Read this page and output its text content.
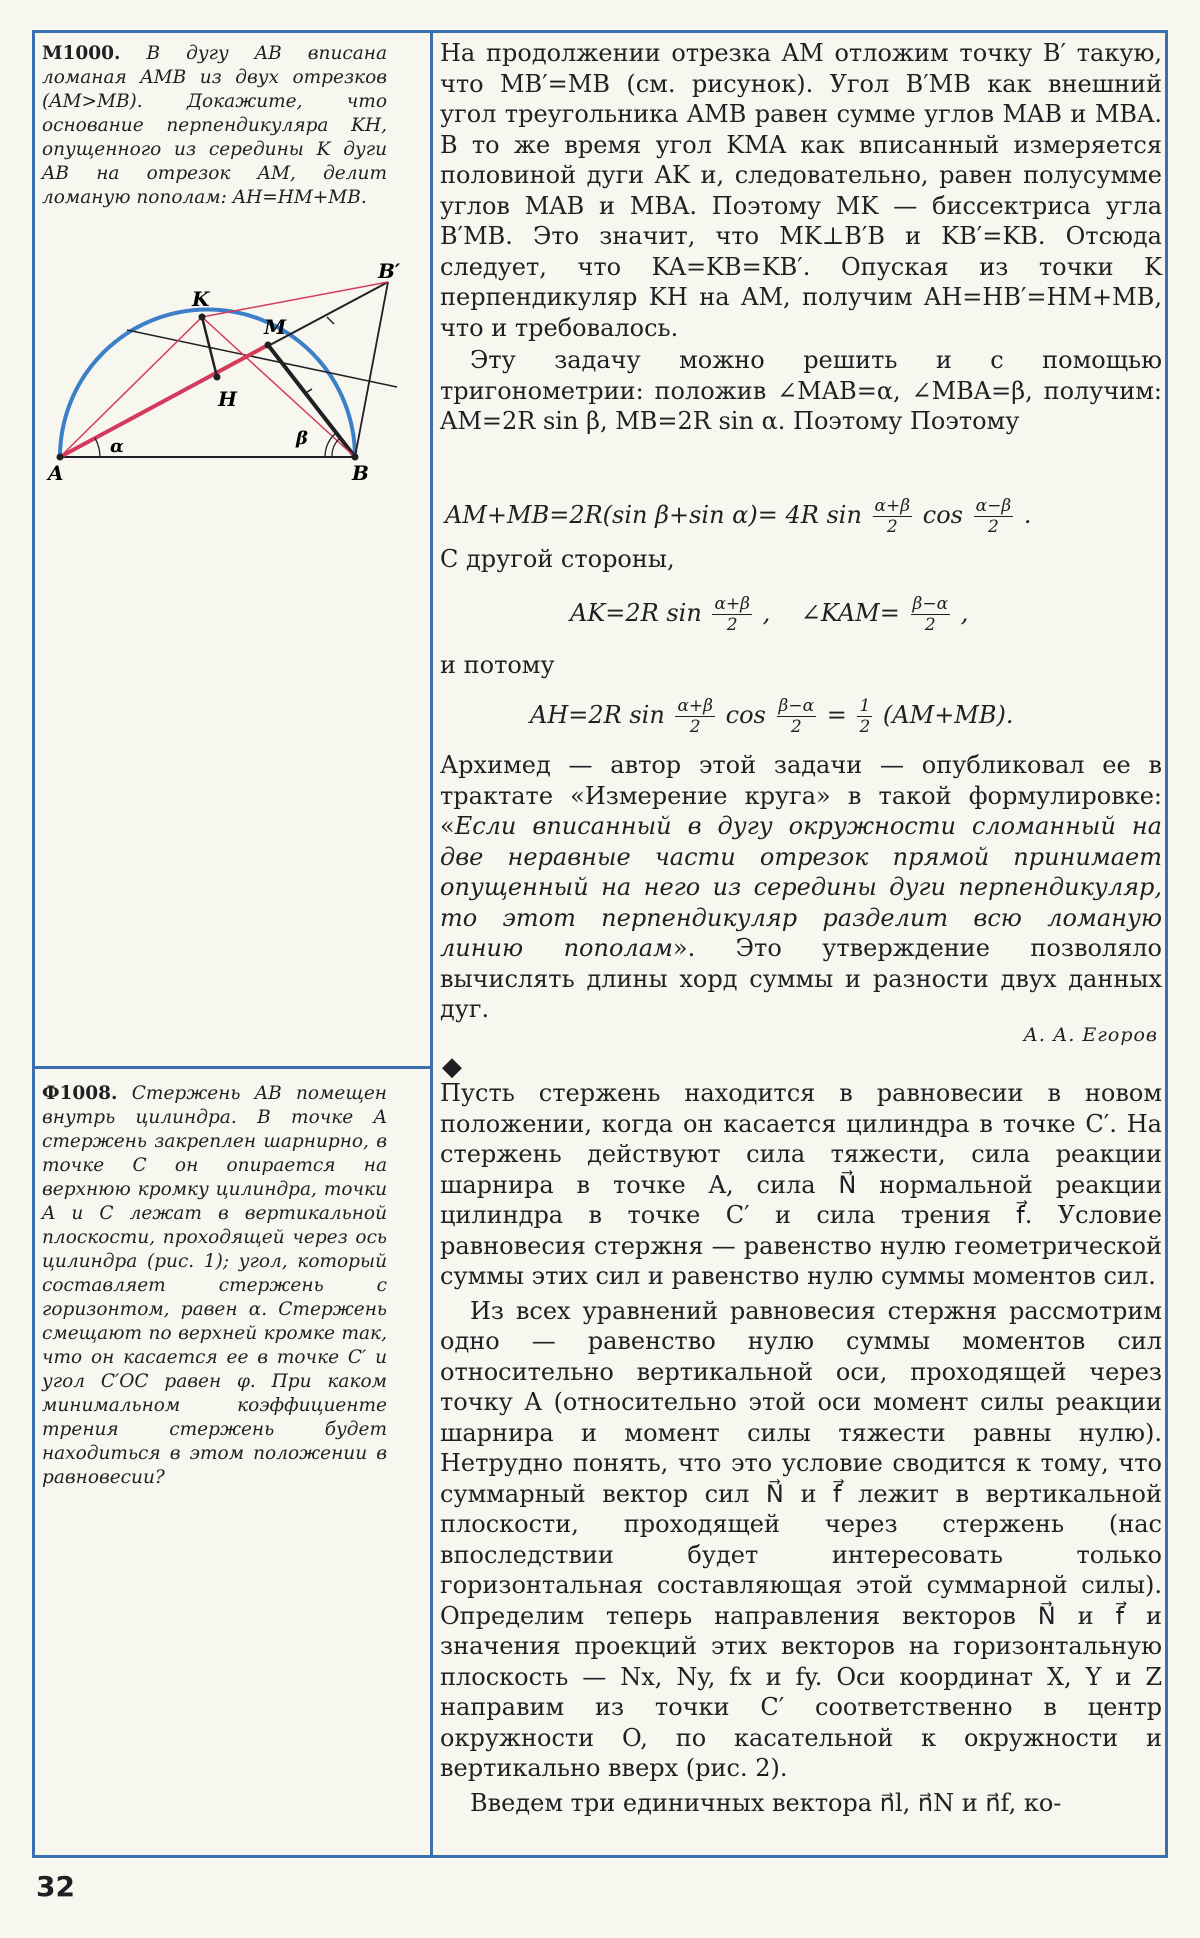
М1000. В дугу AB вписана ломаная AMB из двух отрезков (AM>MB). Докажите, что основание перпендикуляра KH, опущенного из середины K дуги AB на отрезок AM, делит ломаную пополам: AH=HM+MB.
A	B
B′
K
M
H
α	β

На продолжении отрезка AM отложим точку B′ такую, что MB′=MB (см. рисунок). Угол B′MB как внешний угол треугольника AMB равен сумме углов MAB и MBA. В то же время угол KMA как вписанный измеряется половиной дуги AK и, следовательно, равен полусумме углов MAB и MBA. Поэтому MK — биссектриса угла B′MB. Это значит, что MK⊥B′B и KB′=KB. Отсюда следует, что KA=KB=KB′. Опуская из точки K перпендикуляр KH на AM, получим AH=HB′=HM+MB, что и требовалось.

Эту задачу можно решить и с помощью тригонометрии: положив ∠MAB=α, ∠MBA=β, получим: AM=2R sin β, MB=2R sin α. Поэтому Поэтому

AM+MB=2R(sin β+sin α)= 4R $\sin \frac{\alpha+\beta}{2}$ $\cos \frac{\alpha-\beta}{2}$ .

С другой стороны,

AK=2R $\sin \frac{\alpha+\beta}{2}$ ,    ∠KAM= $\frac{\beta-\alpha}{2}$ ,

и потому

AH=2R $\sin \frac{\alpha+\beta}{2}$ $\cos \frac{\beta-\alpha}{2} = \frac{1}{2} (AM+MB)$.

Архимед — автор этой задачи — опубликовал ее в трактате «Измерение круга» в такой формулировке: «Если вписанный в дугу окружности сломанный на две неравные части отрезок прямой принимает опущенный на него из середины дуги перпендикуляр, то этот перпендикуляр разделит всю ломаную линию пополам». Это утверждение позволяло вычислять длины хорд суммы и разности двух данных дуг.

А. А. Егоров
◆
Ф1008. Стержень AB помещен внутрь цилиндра. В точке A стержень закреплен шарнирно, в точке C он опирается на верхнюю кромку цилиндра, точки A и C лежат в вертикальной плоскости, проходящей через ось цилиндра (рис. 1); угол, который составляет стержень с горизонтом, равен α. Стержень смещают по верхней кромке так, что он касается ее в точке C′ и угол C′OC равен φ. При каком минимальном коэффициенте трения стержень будет находиться в этом положении в равновесии?

Пусть стержень находится в равновесии в новом положении, когда он касается цилиндра в точке C′. На стержень действуют сила тяжести, сила реакции шарнира в точке A, сила N⃗ нормальной реакции цилиндра в точке C′ и сила трения f⃗. Условие равновесия стержня — равенство нулю геометрической суммы этих сил и равенство нулю суммы моментов сил.

Из всех уравнений равновесия стержня рассмотрим одно — равенство нулю суммы моментов сил относительно вертикальной оси, проходящей через точку A (относительно этой оси момент силы реакции шарнира и момент силы тяжести равны нулю). Нетрудно понять, что это условие сводится к тому, что суммарный вектор сил N⃗ и f⃗ лежит в вертикальной плоскости, проходящей через стержень (нас впоследствии будет интересовать только горизонтальная составляющая этой суммарной силы). Определим теперь направления векторов N⃗ и f⃗ и значения проекций этих векторов на горизонтальную плоскость — Nx, Ny, fx и fy. Оси координат X, Y и Z направим из точки C′ соответственно в центр окружности O, по касательной к окружности и вертикально вверх (рис. 2).

Введем три единичных вектора n⃗l, n⃗N и n⃗f, ко-

32
